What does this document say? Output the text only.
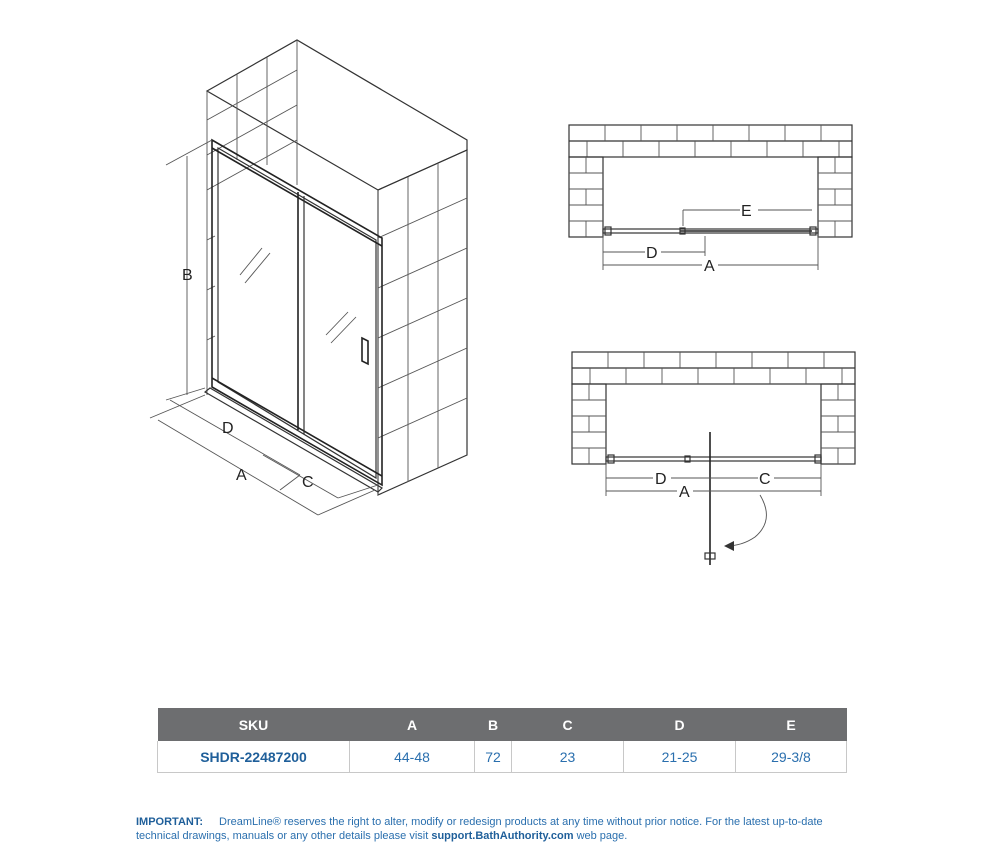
B
D
A	C
E
D
A
D	C
A
SKU	A	B	C	D	E
SHDR-22487200	44-48	72	23	21-25	29-3/8
IMPORTANT: DreamLine® reserves the right to alter, modify or redesign products at any time without prior notice. For the latest up-to-date technical drawings, manuals or any other details please visit support.BathAuthority.com web page.
